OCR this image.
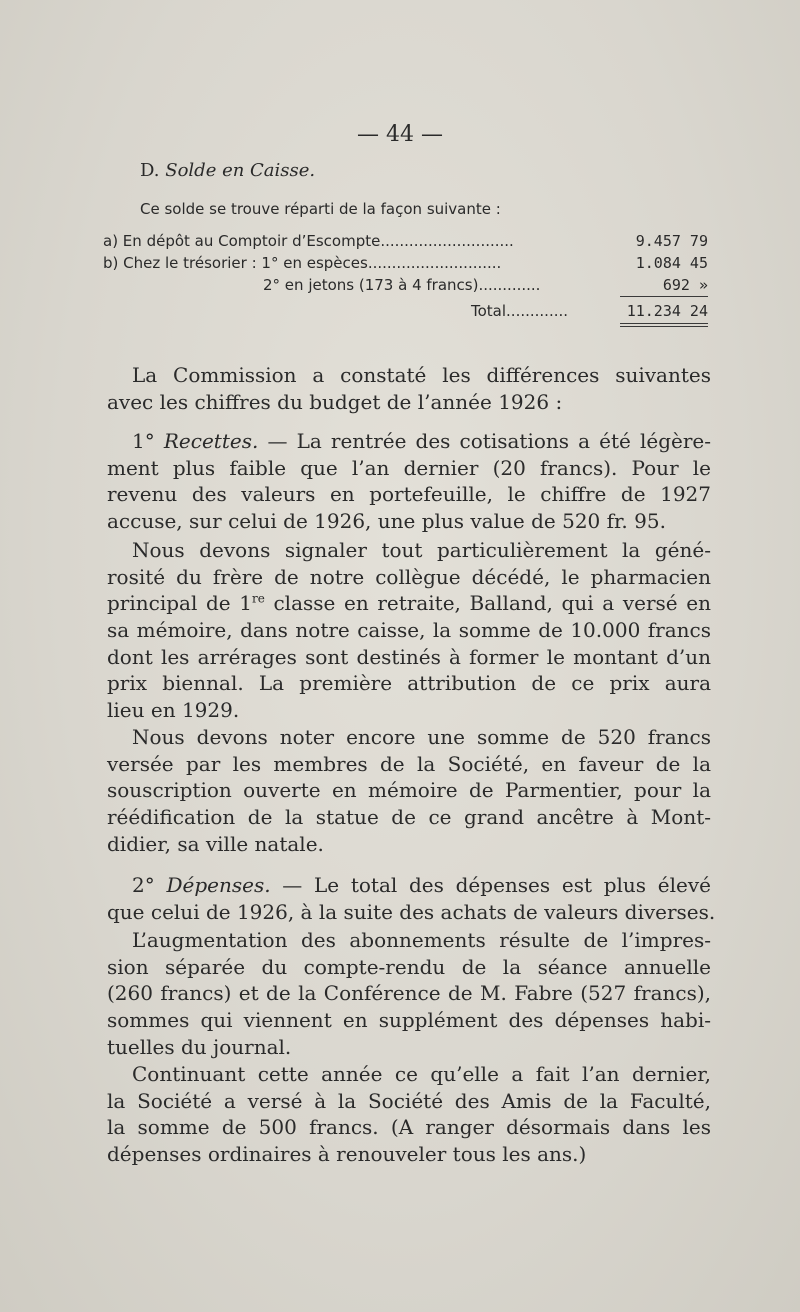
— 44 —
D. Solde en Caisse.
Ce solde se trouve réparti de la façon suivante :
a) En dépôt au Comptoir d’Escompte............................	9.457 79
b) Chez le trésorier : 1° en espèces............................	1.084 45
2° en jetons (173 à 4 francs).............	692 »
Total.............	11.234 24
La Commission a constaté les différences suivantes
avec les chiffres du budget de l’année 1926 :
1° Recettes. — La rentrée des cotisations a été légère-
ment plus faible que l’an dernier (20 francs). Pour le
revenu des valeurs en portefeuille, le chiffre de 1927
accuse, sur celui de 1926, une plus value de 520 fr. 95.
Nous devons signaler tout particulièrement la géné-
rosité du frère de notre collègue décédé, le pharmacien
principal de 1re classe en retraite, Balland, qui a versé en
sa mémoire, dans notre caisse, la somme de 10.000 francs
dont les arrérages sont destinés à former le montant d’un
prix biennal. La première attribution de ce prix aura
lieu en 1929.
Nous devons noter encore une somme de 520 francs
versée par les membres de la Société, en faveur de la
souscription ouverte en mémoire de Parmentier, pour la
réédification de la statue de ce grand ancêtre à Mont-
didier, sa ville natale.
2° Dépenses. — Le total des dépenses est plus élevé
que celui de 1926, à la suite des achats de valeurs diverses.
L’augmentation des abonnements résulte de l’impres-
sion séparée du compte-rendu de la séance annuelle
(260 francs) et de la Conférence de M. Fabre (527 francs),
sommes qui viennent en supplément des dépenses habi-
tuelles du journal.
Continuant cette année ce qu’elle a fait l’an dernier,
la Société a versé à la Société des Amis de la Faculté,
la somme de 500 francs. (A ranger désormais dans les
dépenses ordinaires à renouveler tous les ans.)
